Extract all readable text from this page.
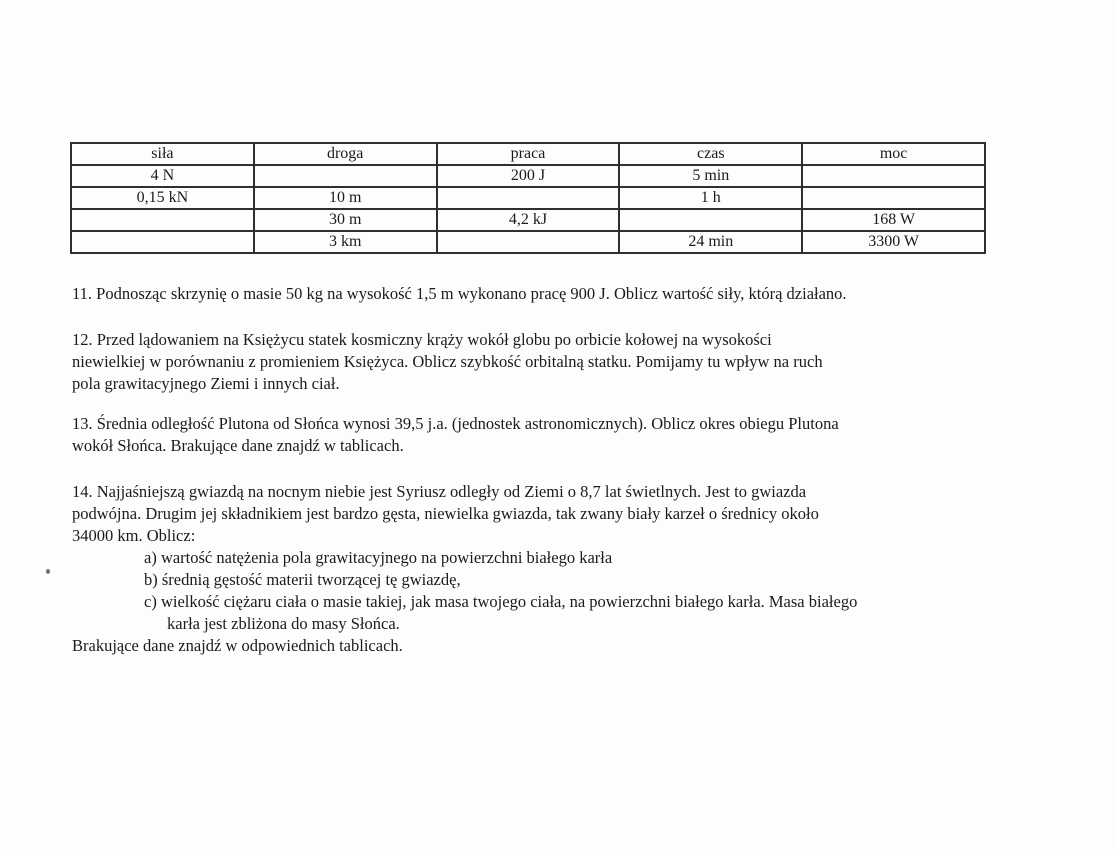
siła	droga	praca	czas	moc
4 N		200 J	5 min	
0,15 kN	10 m		1 h	
	30 m	4,2 kJ		168 W
	3 km		24 min	3300 W
11. Podnosząc skrzynię o masie 50 kg na wysokość 1,5 m wykonano pracę 900 J. Oblicz wartość siły, którą działano.
12. Przed lądowaniem na Księżycu statek kosmiczny krąży wokół globu po orbicie kołowej na wysokości
niewielkiej w porównaniu z promieniem Księżyca. Oblicz szybkość orbitalną statku. Pomijamy tu wpływ na ruch
pola grawitacyjnego Ziemi i innych ciał.
13. Średnia odległość Plutona od Słońca wynosi 39,5 j.a. (jednostek astronomicznych). Oblicz okres obiegu Plutona
wokół Słońca. Brakujące dane znajdź w tablicach.
14. Najjaśniejszą gwiazdą na nocnym niebie jest Syriusz odległy od Ziemi o 8,7 lat świetlnych. Jest to gwiazda
podwójna. Drugim jej składnikiem jest bardzo gęsta, niewielka gwiazda, tak zwany biały karzeł o średnicy około
34000 km. Oblicz:
a) wartość natężenia pola grawitacyjnego na powierzchni białego karła
b) średnią gęstość materii tworzącej tę gwiazdę,
c) wielkość ciężaru ciała o masie takiej, jak masa twojego ciała, na powierzchni białego karła. Masa białego
karła jest zbliżona do masy Słońca.
Brakujące dane znajdź w odpowiednich tablicach.
